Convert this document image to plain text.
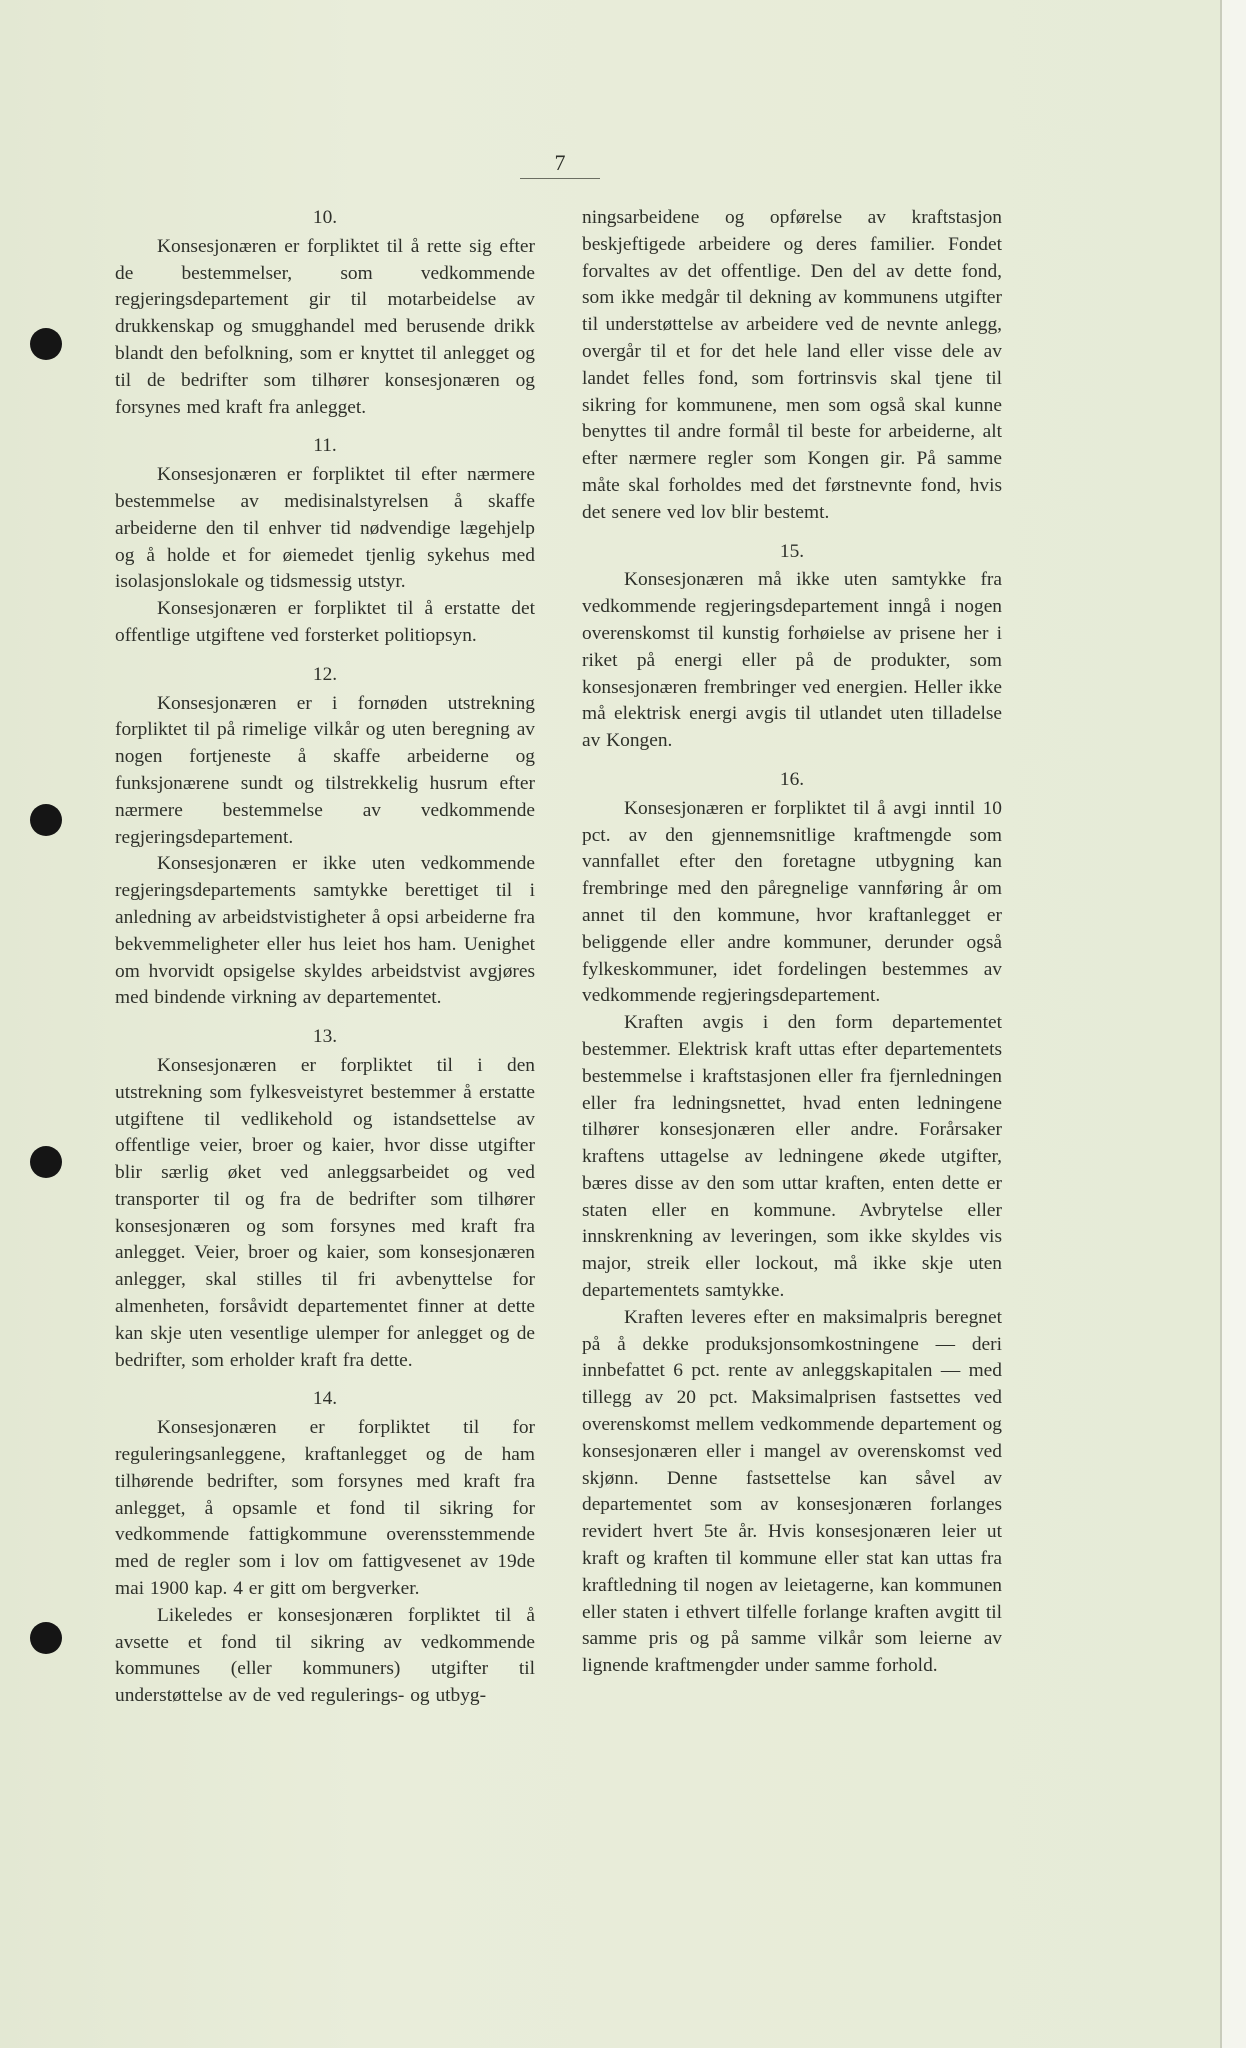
7
10.

Konsesjonæren er forpliktet til å rette sig efter de bestemmelser, som vedkommende regjeringsdepartement gir til motarbeidelse av drukkenskap og smugghandel med berusende drikk blandt den befolkning, som er knyttet til anlegget og til de bedrifter som tilhører konsesjonæren og forsynes med kraft fra anlegget.

11.

Konsesjonæren er forpliktet til efter nærmere bestemmelse av medisinalstyrelsen å skaffe arbeiderne den til enhver tid nødvendige lægehjelp og å holde et for øiemedet tjenlig sykehus med isolasjonslokale og tidsmessig utstyr.

Konsesjonæren er forpliktet til å erstatte det offentlige utgiftene ved forsterket politiopsyn.

12.

Konsesjonæren er i fornøden utstrekning forpliktet til på rimelige vilkår og uten beregning av nogen fortjeneste å skaffe arbeiderne og funksjonærene sundt og tilstrekkelig husrum efter nærmere bestemmelse av vedkommende regjeringsdepartement.

Konsesjonæren er ikke uten vedkommende regjeringsdepartements samtykke berettiget til i anledning av arbeidstvistigheter å opsi arbeiderne fra bekvemmeligheter eller hus leiet hos ham. Uenighet om hvorvidt opsigelse skyldes arbeidstvist avgjøres med bindende virkning av departementet.

13.

Konsesjonæren er forpliktet til i den utstrekning som fylkesveistyret bestemmer å erstatte utgiftene til vedlikehold og istandsettelse av offentlige veier, broer og kaier, hvor disse utgifter blir særlig øket ved anleggsarbeidet og ved transporter til og fra de bedrifter som tilhører konsesjonæren og som forsynes med kraft fra anlegget. Veier, broer og kaier, som konsesjonæren anlegger, skal stilles til fri avbenyttelse for almenheten, forsåvidt departementet finner at dette kan skje uten vesentlige ulemper for anlegget og de bedrifter, som erholder kraft fra dette.

14.

Konsesjonæren er forpliktet til for reguleringsanleggene, kraftanlegget og de ham tilhørende bedrifter, som forsynes med kraft fra anlegget, å opsamle et fond til sikring for vedkommende fattigkommune overensstemmende med de regler som i lov om fattigvesenet av 19de mai 1900 kap. 4 er gitt om bergverker.

Likeledes er konsesjonæren forpliktet til å avsette et fond til sikring av vedkommende kommunes (eller kommuners) utgifter til understøttelse av de ved regulerings- og utbyg-

ningsarbeidene og opførelse av kraftstasjon beskjeftigede arbeidere og deres familier. Fondet forvaltes av det offentlige. Den del av dette fond, som ikke medgår til dekning av kommunens utgifter til understøttelse av arbeidere ved de nevnte anlegg, overgår til et for det hele land eller visse dele av landet felles fond, som fortrinsvis skal tjene til sikring for kommunene, men som også skal kunne benyttes til andre formål til beste for arbeiderne, alt efter nærmere regler som Kongen gir. På samme måte skal forholdes med det førstnevnte fond, hvis det senere ved lov blir bestemt.

15.

Konsesjonæren må ikke uten samtykke fra vedkommende regjeringsdepartement inngå i nogen overenskomst til kunstig forhøielse av prisene her i riket på energi eller på de produkter, som konsesjonæren frembringer ved energien. Heller ikke må elektrisk energi avgis til utlandet uten tilladelse av Kongen.

16.

Konsesjonæren er forpliktet til å avgi inntil 10 pct. av den gjennemsnitlige kraftmengde som vannfallet efter den foretagne utbygning kan frembringe med den påregnelige vannføring år om annet til den kommune, hvor kraftanlegget er beliggende eller andre kommuner, derunder også fylkeskommuner, idet fordelingen bestemmes av vedkommende regjeringsdepartement.

Kraften avgis i den form departementet bestemmer. Elektrisk kraft uttas efter departementets bestemmelse i kraftstasjonen eller fra fjernledningen eller fra ledningsnettet, hvad enten ledningene tilhører konsesjonæren eller andre. Forårsaker kraftens uttagelse av ledningene økede utgifter, bæres disse av den som uttar kraften, enten dette er staten eller en kommune. Avbrytelse eller innskrenkning av leveringen, som ikke skyldes vis major, streik eller lockout, må ikke skje uten departementets samtykke.

Kraften leveres efter en maksimalpris beregnet på å dekke produksjonsomkostningene — deri innbefattet 6 pct. rente av anleggskapitalen — med tillegg av 20 pct. Maksimalprisen fastsettes ved overenskomst mellem vedkommende departement og konsesjonæren eller i mangel av overenskomst ved skjønn. Denne fastsettelse kan såvel av departementet som av konsesjonæren forlanges revidert hvert 5te år. Hvis konsesjonæren leier ut kraft og kraften til kommune eller stat kan uttas fra kraftledning til nogen av leietagerne, kan kommunen eller staten i ethvert tilfelle forlange kraften avgitt til samme pris og på samme vilkår som leierne av lignende kraftmengder under samme forhold.
